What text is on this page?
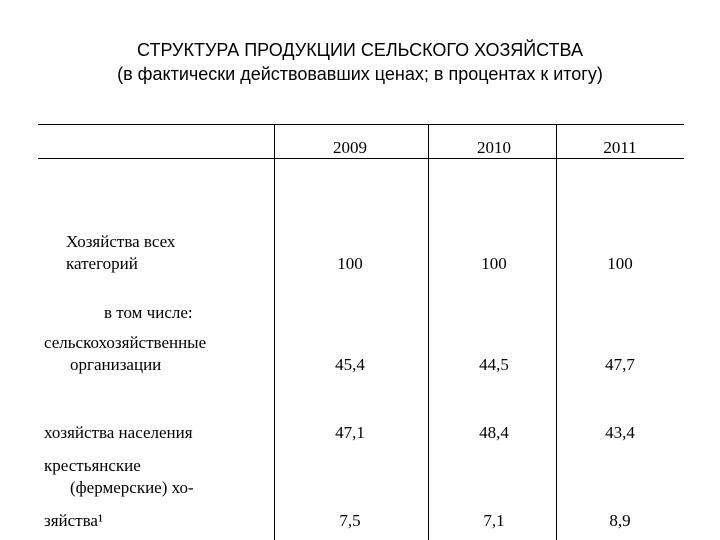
СТРУКТУРА ПРОДУКЦИИ СЕЛЬСКОГО ХОЗЯЙСТВА
(в фактически действовавших ценах; в процентах к итогу)
2009	2010	2011
Хозяйства всех
категорий	100	100	100
в том числе:
сельскохозяйственные
организации	45,4	44,5	47,7
хозяйства населения	47,1	48,4	43,4
крестьянские
(фермерские) хо-
зяйства¹	7,5	7,1	8,9
